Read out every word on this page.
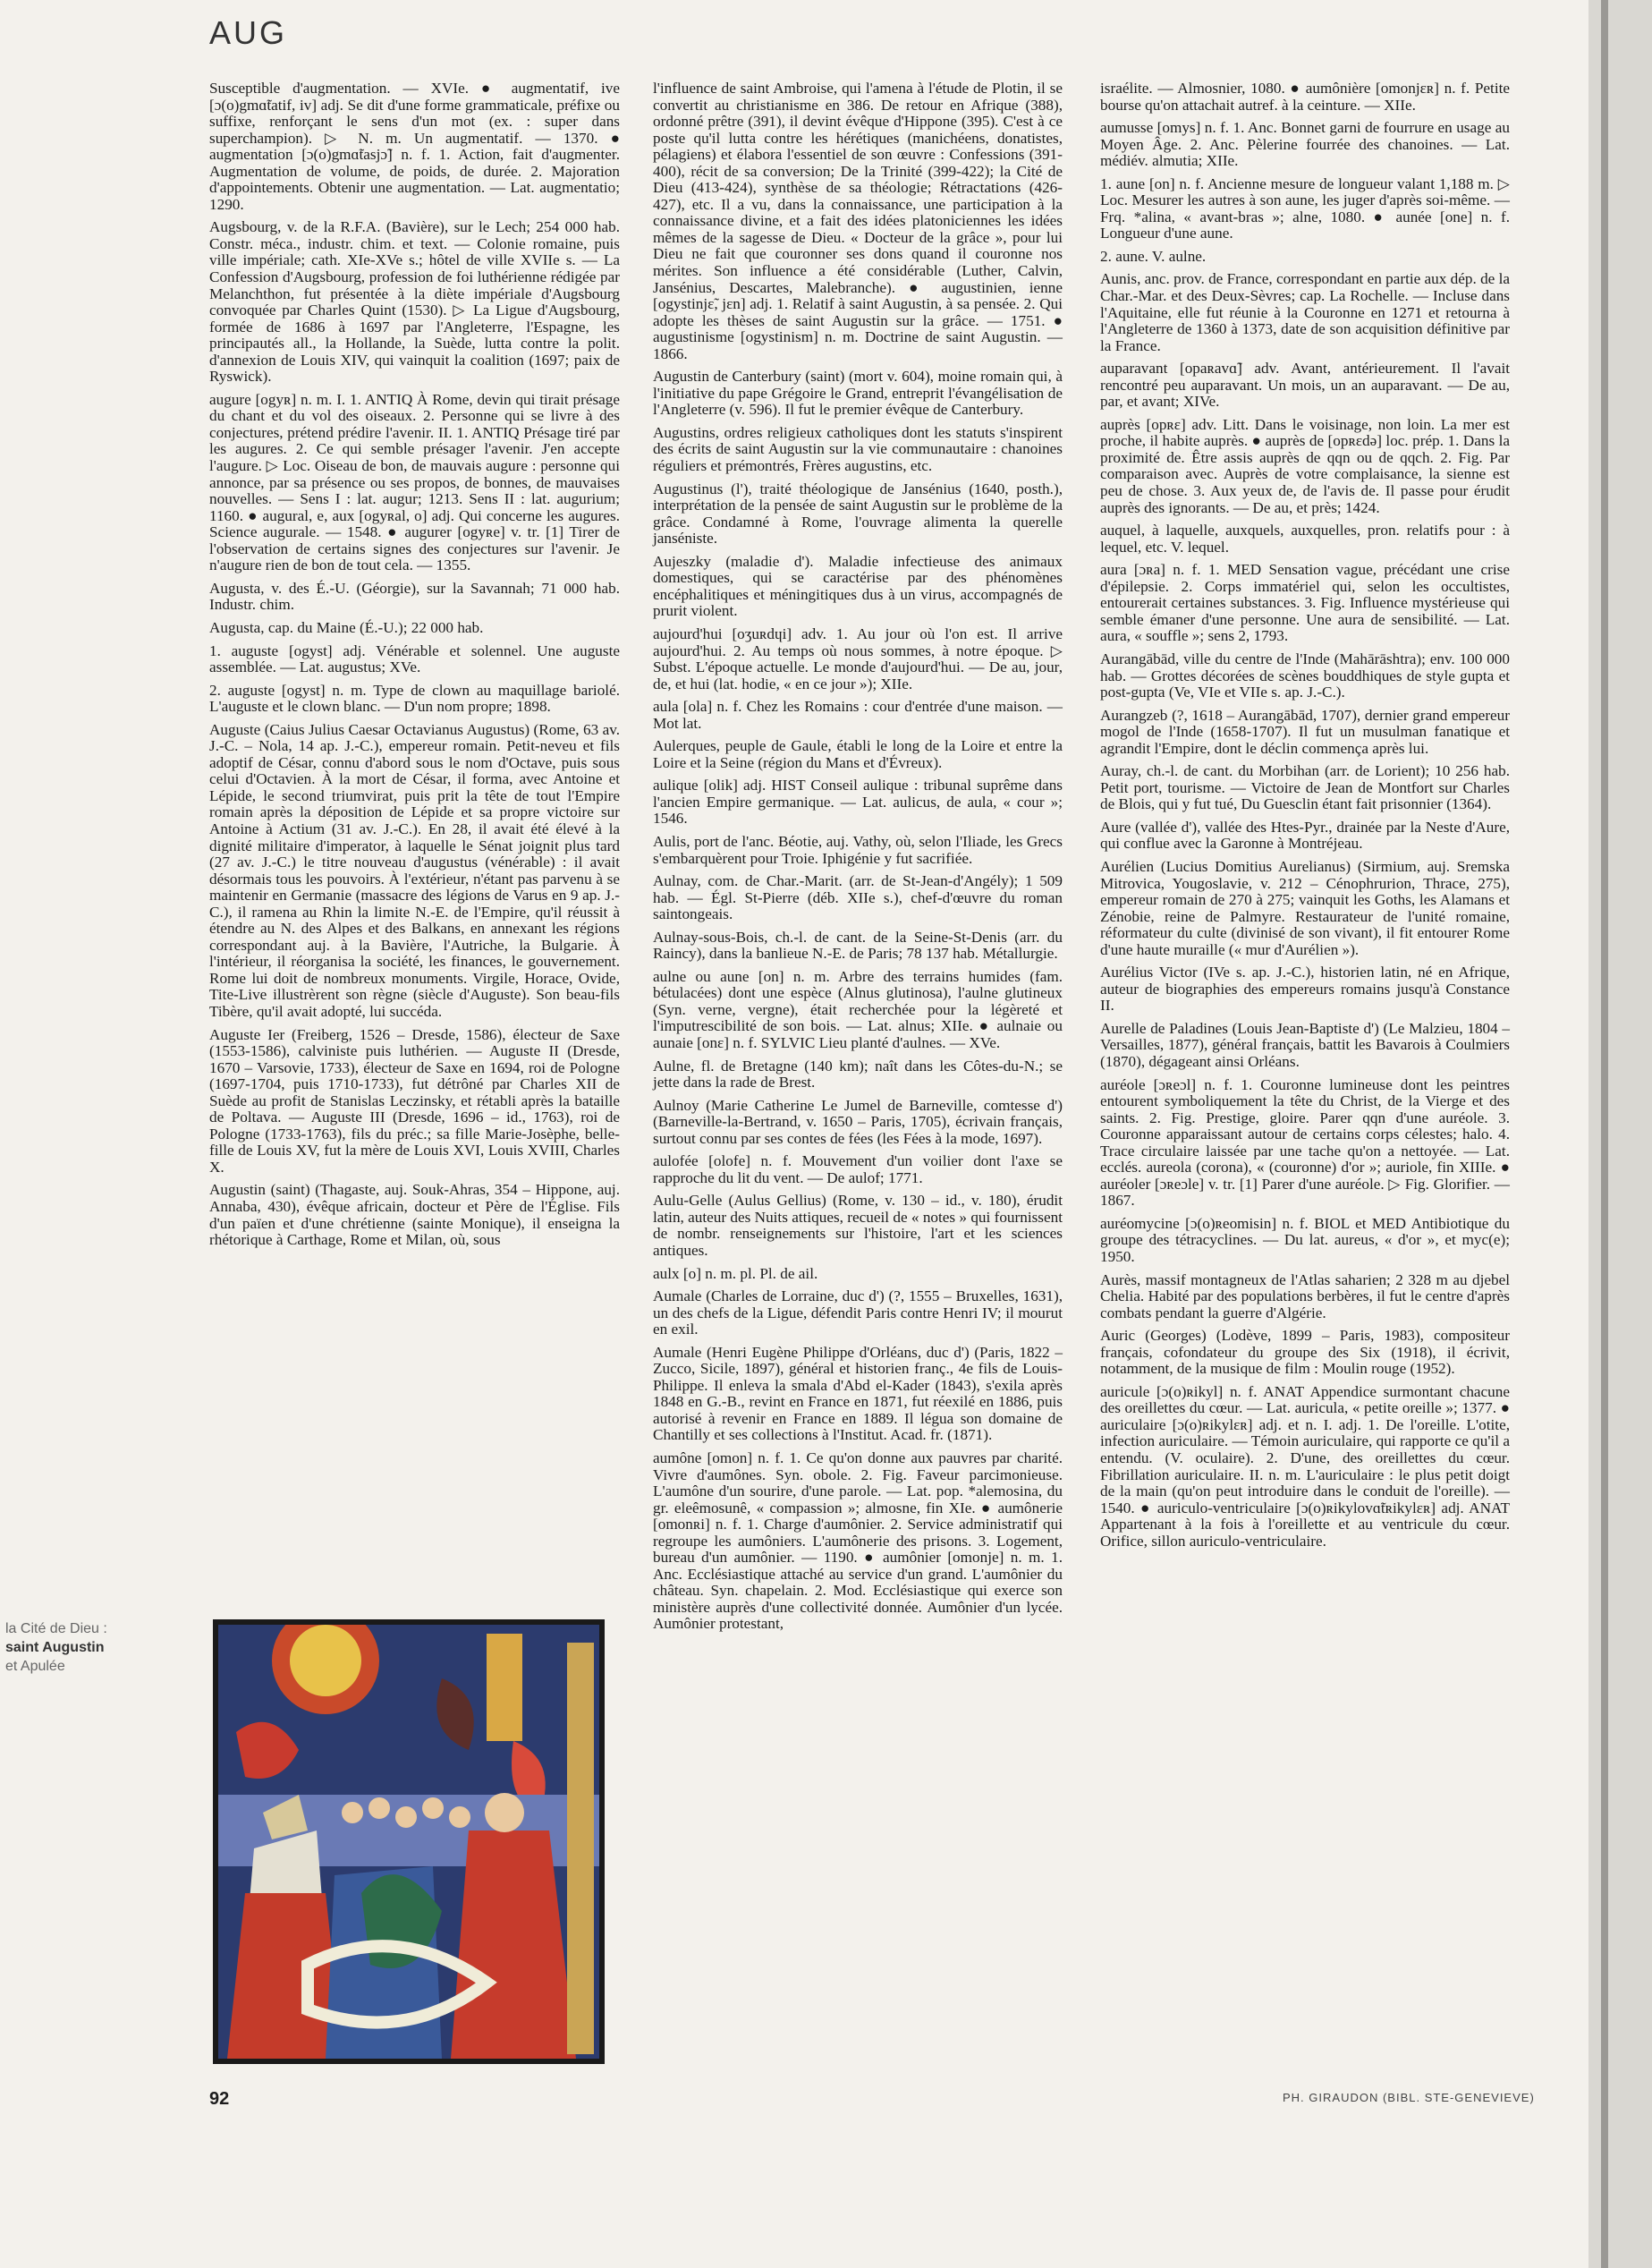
AUG

Susceptible d'augmentation. — XVIe. ● augmentatif, ive [ɔ(o)gmɑ̃tatif, iv] adj. Se dit d'une forme grammaticale, préfixe ou suffixe, renforçant le sens d'un mot (ex. : super dans superchampion). ▷ N. m. Un augmentatif. — 1370. ● augmentation [ɔ(o)gmɑ̃tasjɔ̃] n. f. 1. Action, fait d'augmenter. Augmentation de volume, de poids, de durée. 2. Majoration d'appointements. Obtenir une augmentation. — Lat. augmentatio; 1290.

Augsbourg, v. de la R.F.A. (Bavière), sur le Lech; 254 000 hab. Constr. méca., industr. chim. et text. — Colonie romaine, puis ville impériale; cath. XIe-XVe s.; hôtel de ville XVIIe s. — La Confession d'Augsbourg, profession de foi luthérienne rédigée par Melanchthon, fut présentée à la diète impériale d'Augsbourg convoquée par Charles Quint (1530). ▷ La Ligue d'Augsbourg, formée de 1686 à 1697 par l'Angleterre, l'Espagne, les principautés all., la Hollande, la Suède, lutta contre la polit. d'annexion de Louis XIV, qui vainquit la coalition (1697; paix de Ryswick).

augure [ogyʀ] n. m. I. 1. ANTIQ À Rome, devin qui tirait présage du chant et du vol des oiseaux. 2. Personne qui se livre à des conjectures, prétend prédire l'avenir. II. 1. ANTIQ Présage tiré par les augures. 2. Ce qui semble présager l'avenir. J'en accepte l'augure. ▷ Loc. Oiseau de bon, de mauvais augure : personne qui annonce, par sa présence ou ses propos, de bonnes, de mauvaises nouvelles. — Sens I : lat. augur; 1213. Sens II : lat. augurium; 1160. ● augural, e, aux [ogyʀal, o] adj. Qui concerne les augures. Science augurale. — 1548. ● augurer [ogyʀe] v. tr. [1] Tirer de l'observation de certains signes des conjectures sur l'avenir. Je n'augure rien de bon de tout cela. — 1355.

Augusta, v. des É.-U. (Géorgie), sur la Savannah; 71 000 hab. Industr. chim.

Augusta, cap. du Maine (É.-U.); 22 000 hab.

1. auguste [ogyst] adj. Vénérable et solennel. Une auguste assemblée. — Lat. augustus; XVe.

2. auguste [ogyst] n. m. Type de clown au maquillage bariolé. L'auguste et le clown blanc. — D'un nom propre; 1898.

Auguste (Caius Julius Caesar Octavianus Augustus) (Rome, 63 av. J.-C. – Nola, 14 ap. J.-C.), empereur romain. Petit-neveu et fils adoptif de César, connu d'abord sous le nom d'Octave, puis sous celui d'Octavien. À la mort de César, il forma, avec Antoine et Lépide, le second triumvirat, puis prit la tête de tout l'Empire romain après la déposition de Lépide et sa propre victoire sur Antoine à Actium (31 av. J.-C.). En 28, il avait été élevé à la dignité militaire d'imperator, à laquelle le Sénat joignit plus tard (27 av. J.-C.) le titre nouveau d'augustus (vénérable) : il avait désormais tous les pouvoirs. À l'extérieur, n'étant pas parvenu à se maintenir en Germanie (massacre des légions de Varus en 9 ap. J.-C.), il ramena au Rhin la limite N.-E. de l'Empire, qu'il réussit à étendre au N. des Alpes et des Balkans, en annexant les régions correspondant auj. à la Bavière, l'Autriche, la Bulgarie. À l'intérieur, il réorganisa la société, les finances, le gouvernement. Rome lui doit de nombreux monuments. Virgile, Horace, Ovide, Tite-Live illustrèrent son règne (siècle d'Auguste). Son beau-fils Tibère, qu'il avait adopté, lui succéda.

Auguste Ier (Freiberg, 1526 – Dresde, 1586), électeur de Saxe (1553-1586), calviniste puis luthérien. — Auguste II (Dresde, 1670 – Varsovie, 1733), électeur de Saxe en 1694, roi de Pologne (1697-1704, puis 1710-1733), fut détrôné par Charles XII de Suède au profit de Stanislas Leczinsky, et rétabli après la bataille de Poltava. — Auguste III (Dresde, 1696 – id., 1763), roi de Pologne (1733-1763), fils du préc.; sa fille Marie-Josèphe, belle-fille de Louis XV, fut la mère de Louis XVI, Louis XVIII, Charles X.

Augustin (saint) (Thagaste, auj. Souk-Ahras, 354 – Hippone, auj. Annaba, 430), évêque africain, docteur et Père de l'Église. Fils d'un païen et d'une chrétienne (sainte Monique), il enseigna la rhétorique à Carthage, Rome et Milan, où, sous

l'influence de saint Ambroise, qui l'amena à l'étude de Plotin, il se convertit au christianisme en 386. De retour en Afrique (388), ordonné prêtre (391), il devint évêque d'Hippone (395). C'est à ce poste qu'il lutta contre les hérétiques (manichéens, donatistes, pélagiens) et élabora l'essentiel de son œuvre : Confessions (391-400), récit de sa conversion; De la Trinité (399-422); la Cité de Dieu (413-424), synthèse de sa théologie; Rétractations (426-427), etc. Il a vu, dans la connaissance, une participation à la connaissance divine, et a fait des idées platoniciennes les idées mêmes de la sagesse de Dieu. « Docteur de la grâce », pour lui Dieu ne fait que couronner ses dons quand il couronne nos mérites. Son influence a été considérable (Luther, Calvin, Jansénius, Descartes, Malebranche). ● augustinien, ienne [ogystinjɛ̃, jɛn] adj. 1. Relatif à saint Augustin, à sa pensée. 2. Qui adopte les thèses de saint Augustin sur la grâce. — 1751. ● augustinisme [ogystinism] n. m. Doctrine de saint Augustin. — 1866.

Augustin de Canterbury (saint) (mort v. 604), moine romain qui, à l'initiative du pape Grégoire le Grand, entreprit l'évangélisation de l'Angleterre (v. 596). Il fut le premier évêque de Canterbury.

Augustins, ordres religieux catholiques dont les statuts s'inspirent des écrits de saint Augustin sur la vie communautaire : chanoines réguliers et prémontrés, Frères augustins, etc.

Augustinus (l'), traité théologique de Jansénius (1640, posth.), interprétation de la pensée de saint Augustin sur le problème de la grâce. Condamné à Rome, l'ouvrage alimenta la querelle janséniste.

Aujeszky (maladie d'). Maladie infectieuse des animaux domestiques, qui se caractérise par des phénomènes encéphalitiques et méningitiques dus à un virus, accompagnés de prurit violent.

aujourd'hui [oʒuʀdɥi] adv. 1. Au jour où l'on est. Il arrive aujourd'hui. 2. Au temps où nous sommes, à notre époque. ▷ Subst. L'époque actuelle. Le monde d'aujourd'hui. — De au, jour, de, et hui (lat. hodie, « en ce jour »); XIIe.

aula [ola] n. f. Chez les Romains : cour d'entrée d'une maison. — Mot lat.

Aulerques, peuple de Gaule, établi le long de la Loire et entre la Loire et la Seine (région du Mans et d'Évreux).

aulique [olik] adj. HIST Conseil aulique : tribunal suprême dans l'ancien Empire germanique. — Lat. aulicus, de aula, « cour »; 1546.

Aulis, port de l'anc. Béotie, auj. Vathy, où, selon l'Iliade, les Grecs s'embarquèrent pour Troie. Iphigénie y fut sacrifiée.

Aulnay, com. de Char.-Marit. (arr. de St-Jean-d'Angély); 1 509 hab. — Égl. St-Pierre (déb. XIIe s.), chef-d'œuvre du roman saintongeais.

Aulnay-sous-Bois, ch.-l. de cant. de la Seine-St-Denis (arr. du Raincy), dans la banlieue N.-E. de Paris; 78 137 hab. Métallurgie.

aulne ou aune [on] n. m. Arbre des terrains humides (fam. bétulacées) dont une espèce (Alnus glutinosa), l'aulne glutineux (Syn. verne, vergne), était recherchée pour la légèreté et l'imputrescibilité de son bois. — Lat. alnus; XIIe. ● aulnaie ou aunaie [onɛ] n. f. SYLVIC Lieu planté d'aulnes. — XVe.

Aulne, fl. de Bretagne (140 km); naît dans les Côtes-du-N.; se jette dans la rade de Brest.

Aulnoy (Marie Catherine Le Jumel de Barneville, comtesse d') (Barneville-la-Bertrand, v. 1650 – Paris, 1705), écrivain français, surtout connu par ses contes de fées (les Fées à la mode, 1697).

aulofée [olofe] n. f. Mouvement d'un voilier dont l'axe se rapproche du lit du vent. — De aulof; 1771.

Aulu-Gelle (Aulus Gellius) (Rome, v. 130 – id., v. 180), érudit latin, auteur des Nuits attiques, recueil de « notes » qui fournissent de nombr. renseignements sur l'histoire, l'art et les sciences antiques.

aulx [o] n. m. pl. Pl. de ail.

Aumale (Charles de Lorraine, duc d') (?, 1555 – Bruxelles, 1631), un des chefs de la Ligue, défendit Paris contre Henri IV; il mourut en exil.

Aumale (Henri Eugène Philippe d'Orléans, duc d') (Paris, 1822 – Zucco, Sicile, 1897), général et historien franç., 4e fils de Louis-Philippe. Il enleva la smala d'Abd el-Kader (1843), s'exila après 1848 en G.-B., revint en France en 1871, fut réexilé en 1886, puis autorisé à revenir en France en 1889. Il légua son domaine de Chantilly et ses collections à l'Institut. Acad. fr. (1871).

aumône [omon] n. f. 1. Ce qu'on donne aux pauvres par charité. Vivre d'aumônes. Syn. obole. 2. Fig. Faveur parcimonieuse. L'aumône d'un sourire, d'une parole. — Lat. pop. *alemosina, du gr. eleêmosunê, « compassion »; almosne, fin XIe. ● aumônerie [omonʀi] n. f. 1. Charge d'aumônier. 2. Service administratif qui regroupe les aumôniers. L'aumônerie des prisons. 3. Logement, bureau d'un aumônier. — 1190. ● aumônier [omonje] n. m. 1. Anc. Ecclésiastique attaché au service d'un grand. L'aumônier du château. Syn. chapelain. 2. Mod. Ecclésiastique qui exerce son ministère auprès d'une collectivité donnée. Aumônier d'un lycée. Aumônier protestant,

israélite. — Almosnier, 1080. ● aumônière [omonjɛʀ] n. f. Petite bourse qu'on attachait autref. à la ceinture. — XIIe.

aumusse [omys] n. f. 1. Anc. Bonnet garni de fourrure en usage au Moyen Âge. 2. Anc. Pèlerine fourrée des chanoines. — Lat. médiév. almutia; XIIe.

1. aune [on] n. f. Ancienne mesure de longueur valant 1,188 m. ▷ Loc. Mesurer les autres à son aune, les juger d'après soi-même. — Frq. *alina, « avant-bras »; alne, 1080. ● aunée [one] n. f. Longueur d'une aune.

2. aune. V. aulne.

Aunis, anc. prov. de France, correspondant en partie aux dép. de la Char.-Mar. et des Deux-Sèvres; cap. La Rochelle. — Incluse dans l'Aquitaine, elle fut réunie à la Couronne en 1271 et retourna à l'Angleterre de 1360 à 1373, date de son acquisition définitive par la France.

auparavant [opaʀavɑ̃] adv. Avant, antérieurement. Il l'avait rencontré peu auparavant. Un mois, un an auparavant. — De au, par, et avant; XIVe.

auprès [opʀɛ] adv. Litt. Dans le voisinage, non loin. La mer est proche, il habite auprès. ● auprès de [opʀɛdə] loc. prép. 1. Dans la proximité de. Être assis auprès de qqn ou de qqch. 2. Fig. Par comparaison avec. Auprès de votre complaisance, la sienne est peu de chose. 3. Aux yeux de, de l'avis de. Il passe pour érudit auprès des ignorants. — De au, et près; 1424.

auquel, à laquelle, auxquels, auxquelles, pron. relatifs pour : à lequel, etc. V. lequel.

aura [ɔʀa] n. f. 1. MED Sensation vague, précédant une crise d'épilepsie. 2. Corps immatériel qui, selon les occultistes, entourerait certaines substances. 3. Fig. Influence mystérieuse qui semble émaner d'une personne. Une aura de sensibilité. — Lat. aura, « souffle »; sens 2, 1793.

Aurangābād, ville du centre de l'Inde (Mahārāshtra); env. 100 000 hab. — Grottes décorées de scènes bouddhiques de style gupta et post-gupta (Ve, VIe et VIIe s. ap. J.-C.).

Aurangzeb (?, 1618 – Aurangābād, 1707), dernier grand empereur mogol de l'Inde (1658-1707). Il fut un musulman fanatique et agrandit l'Empire, dont le déclin commença après lui.

Auray, ch.-l. de cant. du Morbihan (arr. de Lorient); 10 256 hab. Petit port, tourisme. — Victoire de Jean de Montfort sur Charles de Blois, qui y fut tué, Du Guesclin étant fait prisonnier (1364).

Aure (vallée d'), vallée des Htes-Pyr., drainée par la Neste d'Aure, qui conflue avec la Garonne à Montréjeau.

Aurélien (Lucius Domitius Aurelianus) (Sirmium, auj. Sremska Mitrovica, Yougoslavie, v. 212 – Cénophrurion, Thrace, 275), empereur romain de 270 à 275; vainquit les Goths, les Alamans et Zénobie, reine de Palmyre. Restaurateur de l'unité romaine, réformateur du culte (divinisé de son vivant), il fit entourer Rome d'une haute muraille (« mur d'Aurélien »).

Aurélius Victor (IVe s. ap. J.-C.), historien latin, né en Afrique, auteur de biographies des empereurs romains jusqu'à Constance II.

Aurelle de Paladines (Louis Jean-Baptiste d') (Le Malzieu, 1804 – Versailles, 1877), général français, battit les Bavarois à Coulmiers (1870), dégageant ainsi Orléans.

auréole [ɔʀeɔl] n. f. 1. Couronne lumineuse dont les peintres entourent symboliquement la tête du Christ, de la Vierge et des saints. 2. Fig. Prestige, gloire. Parer qqn d'une auréole. 3. Couronne apparaissant autour de certains corps célestes; halo. 4. Trace circulaire laissée par une tache qu'on a nettoyée. — Lat. ecclés. aureola (corona), « (couronne) d'or »; auriole, fin XIIIe. ● auréoler [ɔʀeɔle] v. tr. [1] Parer d'une auréole. ▷ Fig. Glorifier. — 1867.

auréomycine [ɔ(o)ʀeomisin] n. f. BIOL et MED Antibiotique du groupe des tétracyclines. — Du lat. aureus, « d'or », et myc(e); 1950.

Aurès, massif montagneux de l'Atlas saharien; 2 328 m au djebel Chelia. Habité par des populations berbères, il fut le centre d'après combats pendant la guerre d'Algérie.

Auric (Georges) (Lodève, 1899 – Paris, 1983), compositeur français, cofondateur du groupe des Six (1918), il écrivit, notamment, de la musique de film : Moulin rouge (1952).

auricule [ɔ(o)ʀikyl] n. f. ANAT Appendice surmontant chacune des oreillettes du cœur. — Lat. auricula, « petite oreille »; 1377. ● auriculaire [ɔ(o)ʀikylɛʀ] adj. et n. I. adj. 1. De l'oreille. L'otite, infection auriculaire. — Témoin auriculaire, qui rapporte ce qu'il a entendu. (V. oculaire). 2. D'une, des oreillettes du cœur. Fibrillation auriculaire. II. n. m. L'auriculaire : le plus petit doigt de la main (qu'on peut introduire dans le conduit de l'oreille). — 1540. ● auriculo-ventriculaire [ɔ(o)ʀikylovɑ̃tʀikylɛʀ] adj. ANAT Appartenant à la fois à l'oreillette et au ventricule du cœur. Orifice, sillon auriculo-ventriculaire.

la Cité de Dieu :
saint Augustin
et Apulée
92	PH. GIRAUDON (BIBL. STE-GENEVIEVE)
